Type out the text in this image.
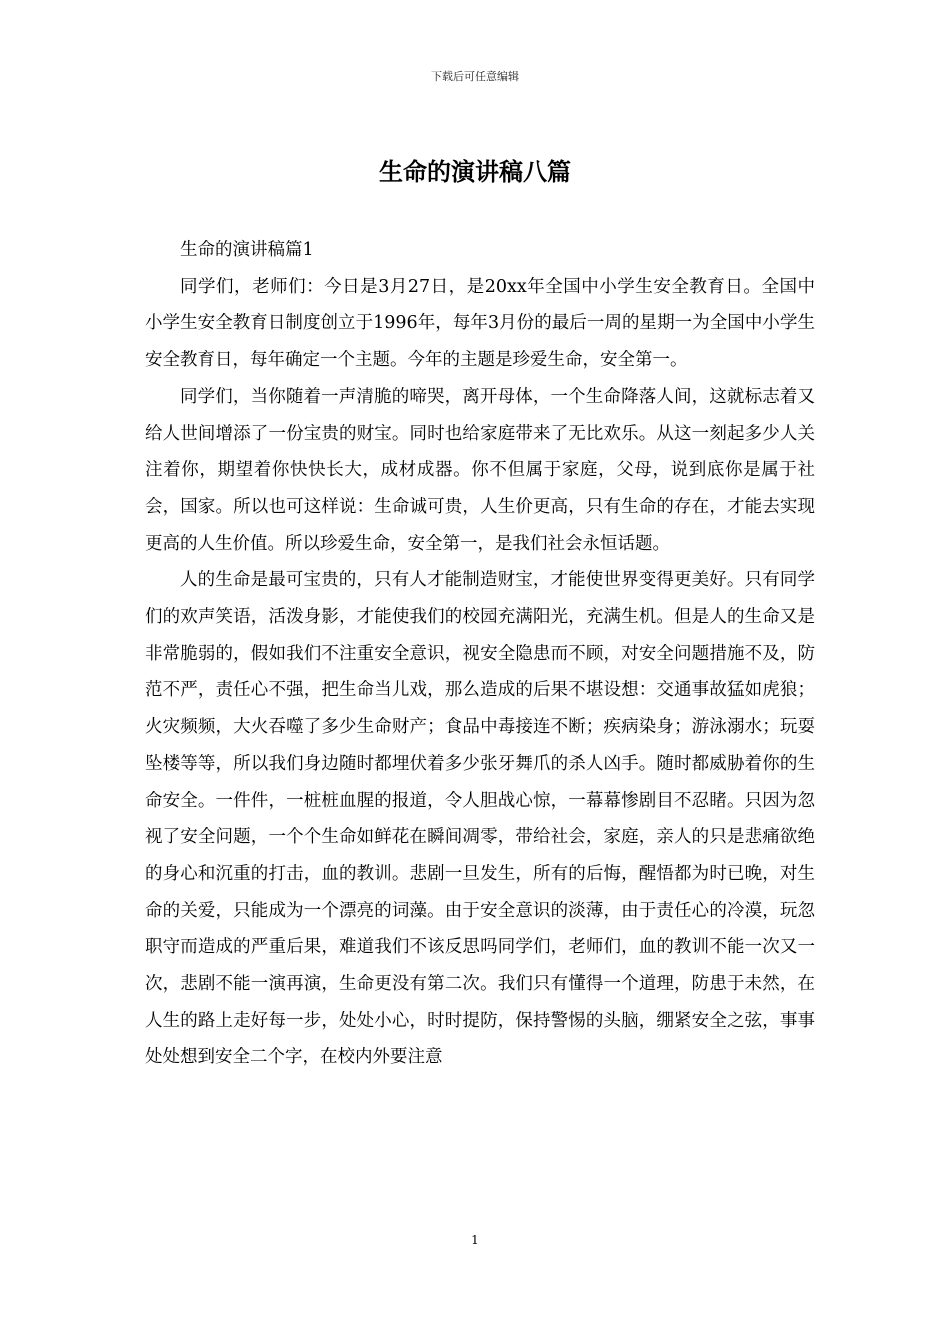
下载后可任意编辑
生命的演讲稿八篇

生命的演讲稿篇1

同学们，老师们：今日是3月27日，是20xx年全国中小学生安全教育日。全国中小学生安全教育日制度创立于1996年，每年3月份的最后一周的星期一为全国中小学生安全教育日，每年确定一个主题。今年的主题是珍爱生命，安全第一。

同学们，当你随着一声清脆的啼哭，离开母体，一个生命降落人间，这就标志着又给人世间增添了一份宝贵的财宝。同时也给家庭带来了无比欢乐。从这一刻起多少人关注着你，期望着你快快长大，成材成器。你不但属于家庭，父母，说到底你是属于社会，国家。所以也可这样说：生命诚可贵，人生价更高，只有生命的存在，才能去实现更高的人生价值。所以珍爱生命，安全第一，是我们社会永恒话题。

人的生命是最可宝贵的，只有人才能制造财宝，才能使世界变得更美好。只有同学们的欢声笑语，活泼身影，才能使我们的校园充满阳光，充满生机。但是人的生命又是非常脆弱的，假如我们不注重安全意识，视安全隐患而不顾，对安全问题措施不及，防范不严，责任心不强，把生命当儿戏，那么造成的后果不堪设想：交通事故猛如虎狼；火灾频频，大火吞噬了多少生命财产；食品中毒接连不断；疾病染身；游泳溺水；玩耍坠楼等等，所以我们身边随时都埋伏着多少张牙舞爪的杀人凶手。随时都威胁着你的生命安全。一件件，一桩桩血腥的报道，令人胆战心惊，一幕幕惨剧目不忍睹。只因为忽视了安全问题，一个个生命如鲜花在瞬间凋零，带给社会，家庭，亲人的只是悲痛欲绝的身心和沉重的打击，血的教训。悲剧一旦发生，所有的后悔，醒悟都为时已晚，对生命的关爱，只能成为一个漂亮的词藻。由于安全意识的淡薄，由于责任心的冷漠，玩忽职守而造成的严重后果，难道我们不该反思吗同学们，老师们，血的教训不能一次又一次，悲剧不能一演再演，生命更没有第二次。我们只有懂得一个道理，防患于未然，在人生的路上走好每一步，处处小心，时时提防，保持警惕的头脑，绷紧安全之弦，事事处处想到安全二个字，在校内外要注意

1
